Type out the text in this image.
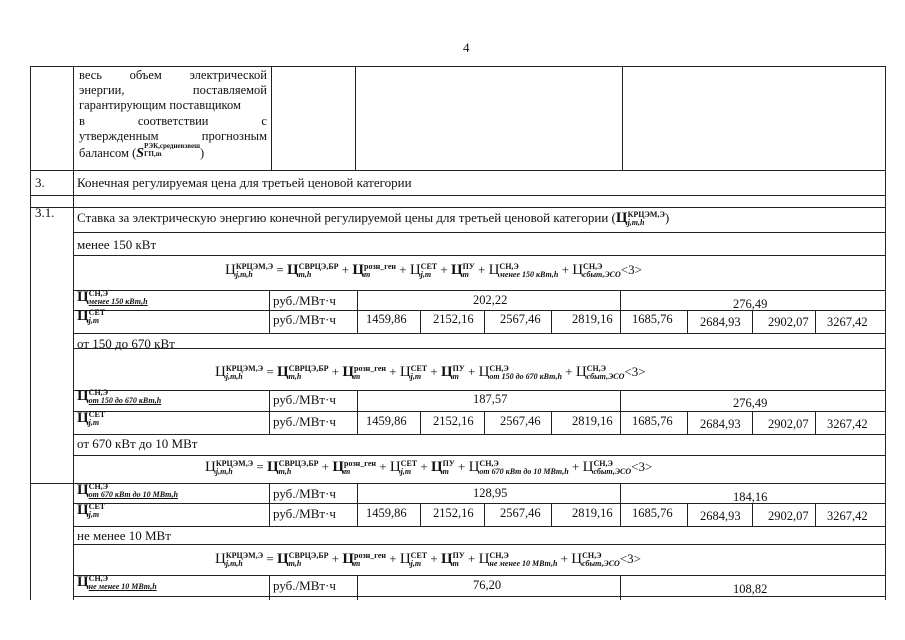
4
весь объем электрической
энергии,	поставляемой
гарантирующим поставщиком
в	соответствии	с
утвержденным	прогнозным
балансом ( S РЭК,средневзвеш
ГП,m	)
3. Конечная регулируемая цена для третьей ценовой категории
3.1. Ставка за электрическую энергию конечной регулируемой цены для третьей ценовой категории (Ц КРЦЭМ,Э
j,m,h	)
менее 150 кВт
Ц КРЦЭМ,Э
j,m,h	= Ц СВРЦЭ,БР
m,h	+ Ц розн_ген
m	+ Ц СЕТ
j,m + Ц ПУ
m + Ц СН,Э
менее 150 кВт,h + Ц СН,Э
сбыт,ЭСО <3>
Ц СН,Э
менее 150 кВт,h	руб./МВт·ч	202,22	276,49
Ц СЕТ
j,m	руб./МВт·ч 1459,86 2152,16 2567,46	2819,16 1685,76 2684,93 2902,07 3267,42
от 150 до 670 кВт
Ц КРЦЭМ,Э
j,m,h	= Ц СВРЦЭ,БР
m,h	+ Ц розн_ген
m	+ Ц СЕТ
j,m + Ц ПУ
m + Ц СН,Э
от 150 до 670 кВт,h + Ц СН,Э
сбыт,ЭСО <3>
Ц СН,Э
от 150 до 670 кВт,h	руб./МВт·ч	187,57	276,49
Ц СЕТ
j,m	руб./МВт·ч 1459,86 2152,16 2567,46	2819,16 1685,76 2684,93 2902,07 3267,42
от 670 кВт до 10 МВт
Ц КРЦЭМ,Э
j,m,h	= Ц СВРЦЭ,БР
m,h	+ Ц розн_ген
m	+ Ц СЕТ
j,m + Ц ПУ
m + Ц СН,Э
от 670 кВт до 10 МВт,h + Ц СН,Э
сбыт,ЭСО <3>
Ц СН,Э
от 670 кВт до 10 МВт,h	руб./МВт·ч	128,95	184,16
Ц СЕТ
j,m	руб./МВт·ч 1459,86 2152,16 2567,46	2819,16 1685,76 2684,93 2902,07 3267,42
не менее 10 МВт
Ц КРЦЭМ,Э
j,m,h	= Ц СВРЦЭ,БР
m,h	+ Ц розн_ген
m	+ Ц СЕТ
j,m + Ц ПУ
m + Ц СН,Э
не менее 10 МВт,h + Ц СН,Э
сбыт,ЭСО <3>
Ц СН,Э
не менее 10 МВт,h	руб./МВт·ч	76,20	108,82
